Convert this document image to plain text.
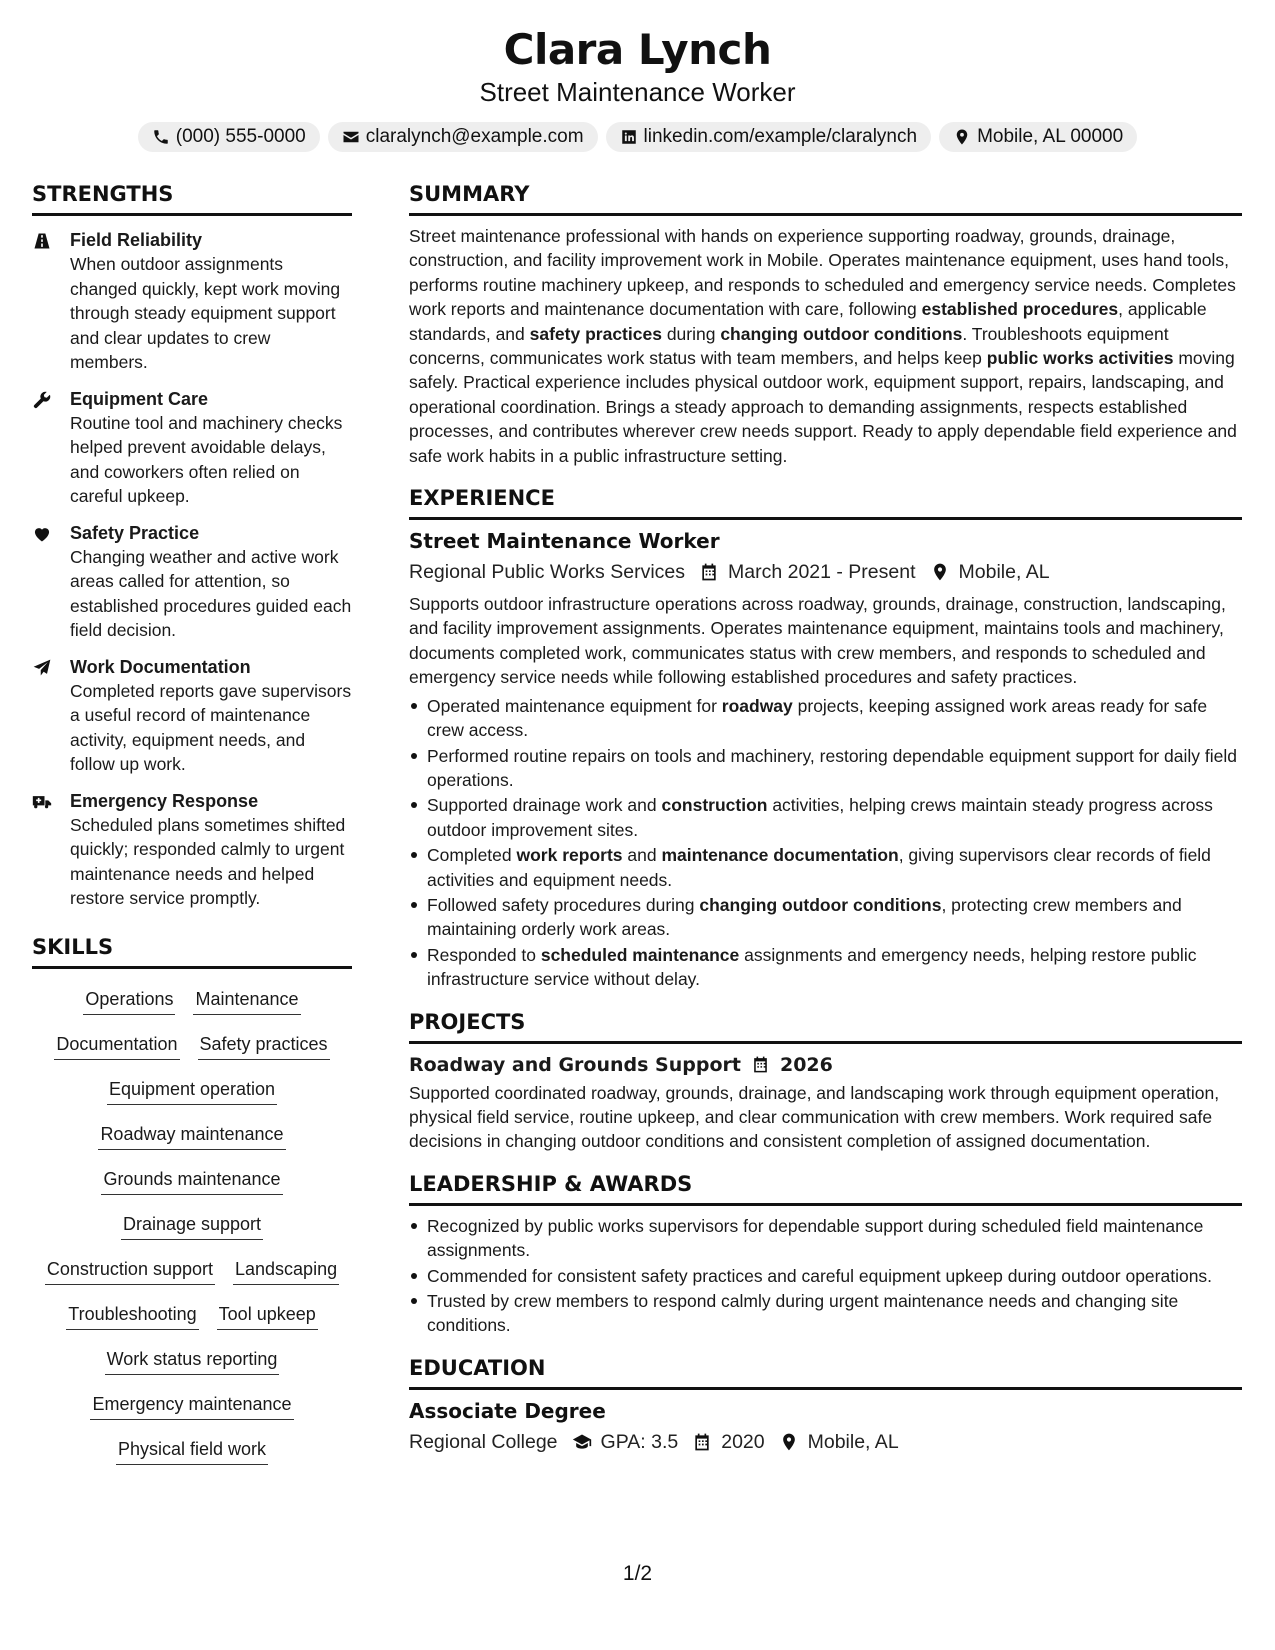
Clara Lynch
Street Maintenance Worker
(000) 555-0000	claralynch@example.com	linkedin.com/example/claralynch	Mobile, AL 00000
STRENGTHS
Field Reliability
When outdoor assignments changed quickly, kept work moving through steady equipment support and clear updates to crew members.
Equipment Care
Routine tool and machinery checks helped prevent avoidable delays, and coworkers often relied on careful upkeep.
Safety Practice
Changing weather and active work areas called for attention, so established procedures guided each field decision.
Work Documentation
Completed reports gave supervisors a useful record of maintenance activity, equipment needs, and follow up work.
Emergency Response
Scheduled plans sometimes shifted quickly; responded calmly to urgent maintenance needs and helped restore service promptly.
SKILLS
Operations Maintenance
Documentation Safety practices
Equipment operation
Roadway maintenance
Grounds maintenance
Drainage support
Construction support Landscaping
Troubleshooting Tool upkeep
Work status reporting
Emergency maintenance
Physical field work
SUMMARY
Street maintenance professional with hands on experience supporting roadway, grounds, drainage, construction, and facility improvement work in Mobile. Operates maintenance equipment, uses hand tools, performs routine machinery upkeep, and responds to scheduled and emergency service needs. Completes work reports and maintenance documentation with care, following established procedures, applicable standards, and safety practices during changing outdoor conditions. Troubleshoots equipment concerns, communicates work status with team members, and helps keep public works activities moving safely. Practical experience includes physical outdoor work, equipment support, repairs, landscaping, and operational coordination. Brings a steady approach to demanding assignments, respects established processes, and contributes wherever crew needs support. Ready to apply dependable field experience and safe work habits in a public infrastructure setting.
EXPERIENCE
Street Maintenance Worker
Regional Public Works Services March 2021 - Present Mobile, AL
Supports outdoor infrastructure operations across roadway, grounds, drainage, construction, landscaping, and facility improvement assignments. Operates maintenance equipment, maintains tools and machinery, documents completed work, communicates status with crew members, and responds to scheduled and emergency service needs while following established procedures and safety practices.
Operated maintenance equipment for roadway projects, keeping assigned work areas ready for safe crew access.
Performed routine repairs on tools and machinery, restoring dependable equipment support for daily field operations.
Supported drainage work and construction activities, helping crews maintain steady progress across outdoor improvement sites.
Completed work reports and maintenance documentation, giving supervisors clear records of field activities and equipment needs.
Followed safety procedures during changing outdoor conditions, protecting crew members and maintaining orderly work areas.
Responded to scheduled maintenance assignments and emergency needs, helping restore public infrastructure service without delay.
PROJECTS
Roadway and Grounds Support 2026
Supported coordinated roadway, grounds, drainage, and landscaping work through equipment operation, physical field service, routine upkeep, and clear communication with crew members. Work required safe decisions in changing outdoor conditions and consistent completion of assigned documentation.
LEADERSHIP & AWARDS
Recognized by public works supervisors for dependable support during scheduled field maintenance assignments.
Commended for consistent safety practices and careful equipment upkeep during outdoor operations.
Trusted by crew members to respond calmly during urgent maintenance needs and changing site conditions.
EDUCATION
Associate Degree
Regional College GPA: 3.5 2020 Mobile, AL
1/2
